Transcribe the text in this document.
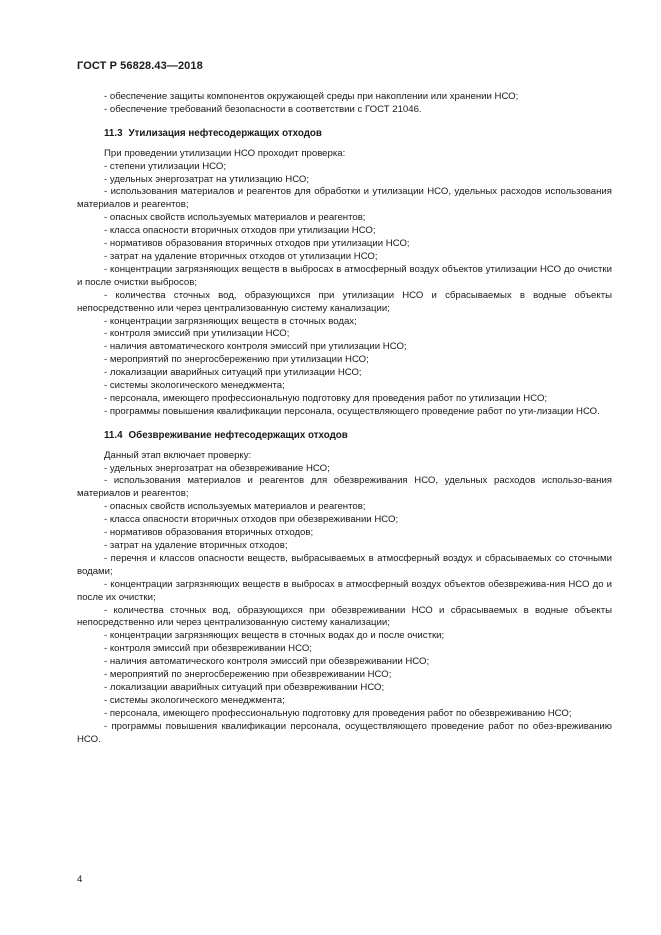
ГОСТ Р 56828.43—2018

- обеспечение защиты компонентов окружающей среды при накоплении или хранении НСО;

- обеспечение требований безопасности в соответствии с ГОСТ 21046.

11.3 Утилизация нефтесодержащих отходов

При проведении утилизации НСО проходит проверка:

- степени утилизации НСО;

- удельных энергозатрат на утилизацию НСО;

- использования материалов и реагентов для обработки и утилизации НСО, удельных расходов использования материалов и реагентов;

- опасных свойств используемых материалов и реагентов;

- класса опасности вторичных отходов при утилизации НСО;

- нормативов образования вторичных отходов при утилизации НСО;

- затрат на удаление вторичных отходов от утилизации НСО;

- концентрации загрязняющих веществ в выбросах в атмосферный воздух объектов утилизации НСО до очистки и после очистки выбросов;

- количества сточных вод, образующихся при утилизации НСО и сбрасываемых в водные объекты непосредственно или через централизованную систему канализации;

- концентрации загрязняющих веществ в сточных водах;

- контроля эмиссий при утилизации НСО;

- наличия автоматического контроля эмиссий при утилизации НСО;

- мероприятий по энергосбережению при утилизации НСО;

- локализации аварийных ситуаций при утилизации НСО;

- системы экологического менеджмента;

- персонала, имеющего профессиональную подготовку для проведения работ по утилизации НСО;

- программы повышения квалификации персонала, осуществляющего проведение работ по ути-лизации НСО.

11.4 Обезвреживание нефтесодержащих отходов

Данный этап включает проверку:

- удельных энергозатрат на обезвреживание НСО;

- использования материалов и реагентов для обезвреживания НСО, удельных расходов использо-вания материалов и реагентов;

- опасных свойств используемых материалов и реагентов;

- класса опасности вторичных отходов при обезвреживании НСО;

- нормативов образования вторичных отходов;

- затрат на удаление вторичных отходов;

- перечня и классов опасности веществ, выбрасываемых в атмосферный воздух и сбрасываемых со сточными водами;

- концентрации загрязняющих веществ в выбросах в атмосферный воздух объектов обезврежива-ния НСО до и после их очистки;

- количества сточных вод, образующихся при обезвреживании НСО и сбрасываемых в водные объекты непосредственно или через централизованную систему канализации;

- концентрации загрязняющих веществ в сточных водах до и после очистки;

- контроля эмиссий при обезвреживании НСО;

- наличия автоматического контроля эмиссий при обезвреживании НСО;

- мероприятий по энергосбережению при обезвреживании НСО;

- локализации аварийных ситуаций при обезвреживании НСО;

- системы экологического менеджмента;

- персонала, имеющего профессиональную подготовку для проведения работ по обезвреживанию НСО;

- программы повышения квалификации персонала, осуществляющего проведение работ по обез-вреживанию НСО.

4
